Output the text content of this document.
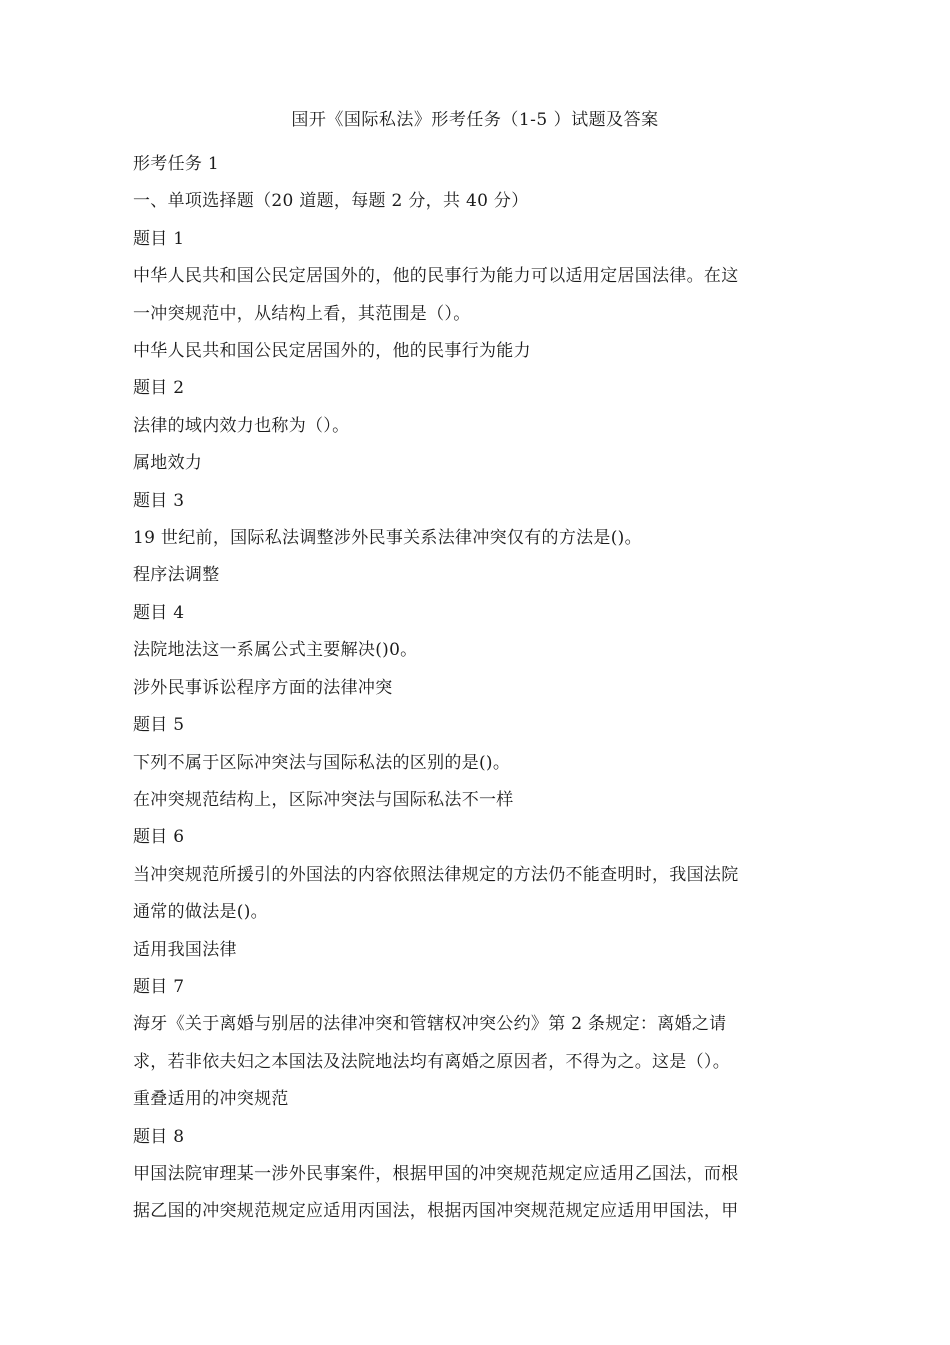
国开《国际私法》形考任务（1-5 ）试题及答案

形考任务 1

一、单项选择题（20 道题，每题 2 分，共 40 分）

题目 1

中华人民共和国公民定居国外的，他的民事行为能力可以适用定居国法律。在这

一冲突规范中，从结构上看，其范围是（）。

中华人民共和国公民定居国外的，他的民事行为能力

题目 2

法律的域内效力也称为（）。

属地效力

题目 3

19 世纪前，国际私法调整涉外民事关系法律冲突仅有的方法是()。

程序法调整

题目 4

法院地法这一系属公式主要解决()0。

涉外民事诉讼程序方面的法律冲突

题目 5

下列不属于区际冲突法与国际私法的区别的是()。

在冲突规范结构上，区际冲突法与国际私法不一样

题目 6

当冲突规范所援引的外国法的内容依照法律规定的方法仍不能查明时，我国法院

通常的做法是()。

适用我国法律

题目 7

海牙《关于离婚与别居的法律冲突和管辖权冲突公约》第 2 条规定：离婚之请

求，若非依夫妇之本国法及法院地法均有离婚之原因者，不得为之。这是（）。

重叠适用的冲突规范

题目 8

甲国法院审理某一涉外民事案件，根据甲国的冲突规范规定应适用乙国法，而根

据乙国的冲突规范规定应适用丙国法，根据丙国冲突规范规定应适用甲国法，甲
